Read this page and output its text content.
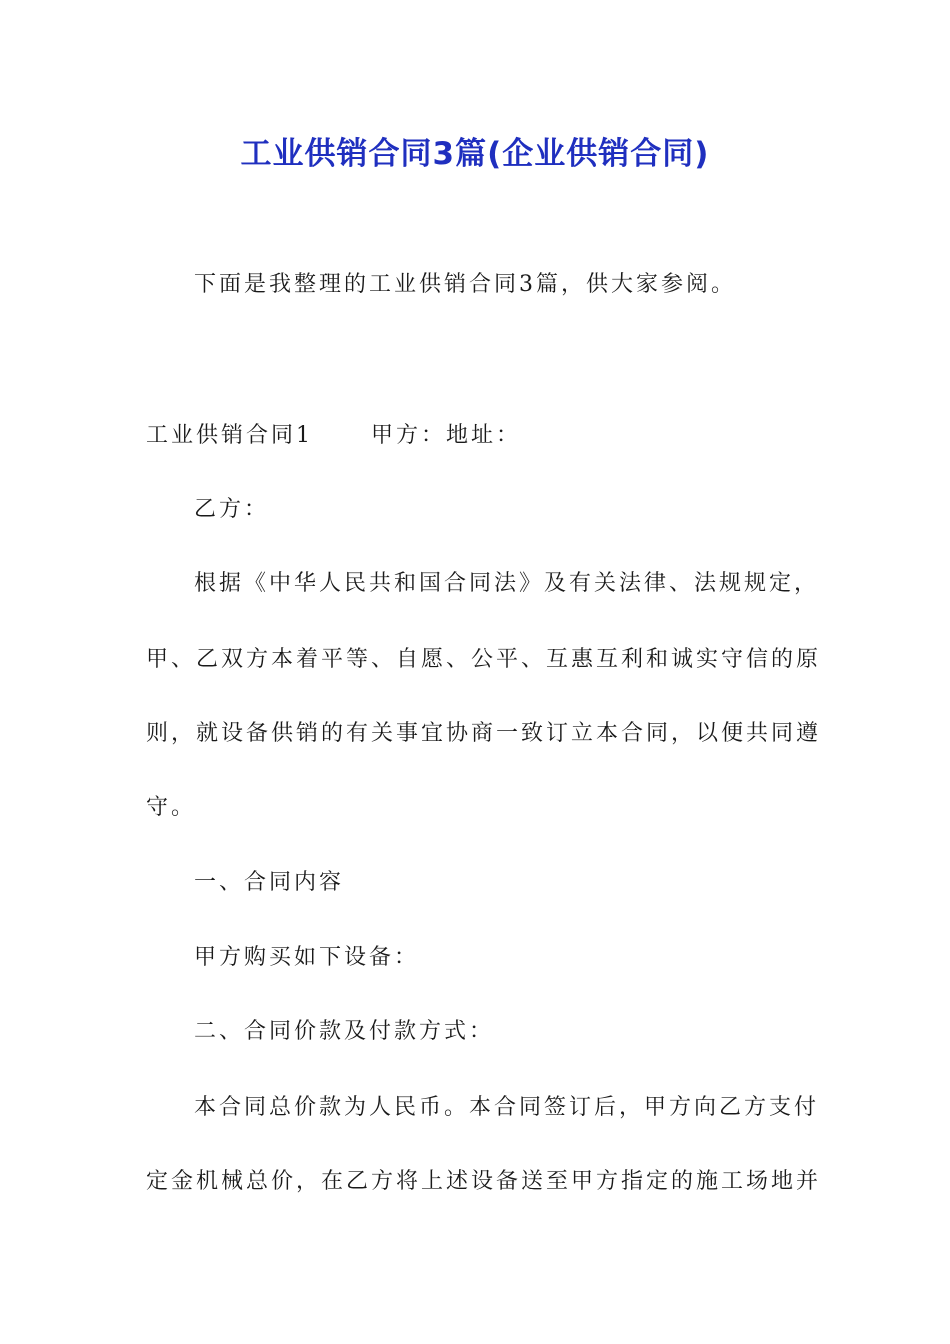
工业供销合同3篇(企业供销合同)
下面是我整理的工业供销合同3篇，供大家参阅。
工业供销合同1	甲方：地址：
乙方：
根据《中华人民共和国合同法》及有关法律、法规规定，
甲、乙双方本着平等、自愿、公平、互惠互利和诚实守信的原
则，就设备供销的有关事宜协商一致订立本合同，以便共同遵
守。
一、合同内容
甲方购买如下设备：
二、合同价款及付款方式：
本合同总价款为人民币。本合同签订后，甲方向乙方支付
定金机械总价，在乙方将上述设备送至甲方指定的施工场地并
